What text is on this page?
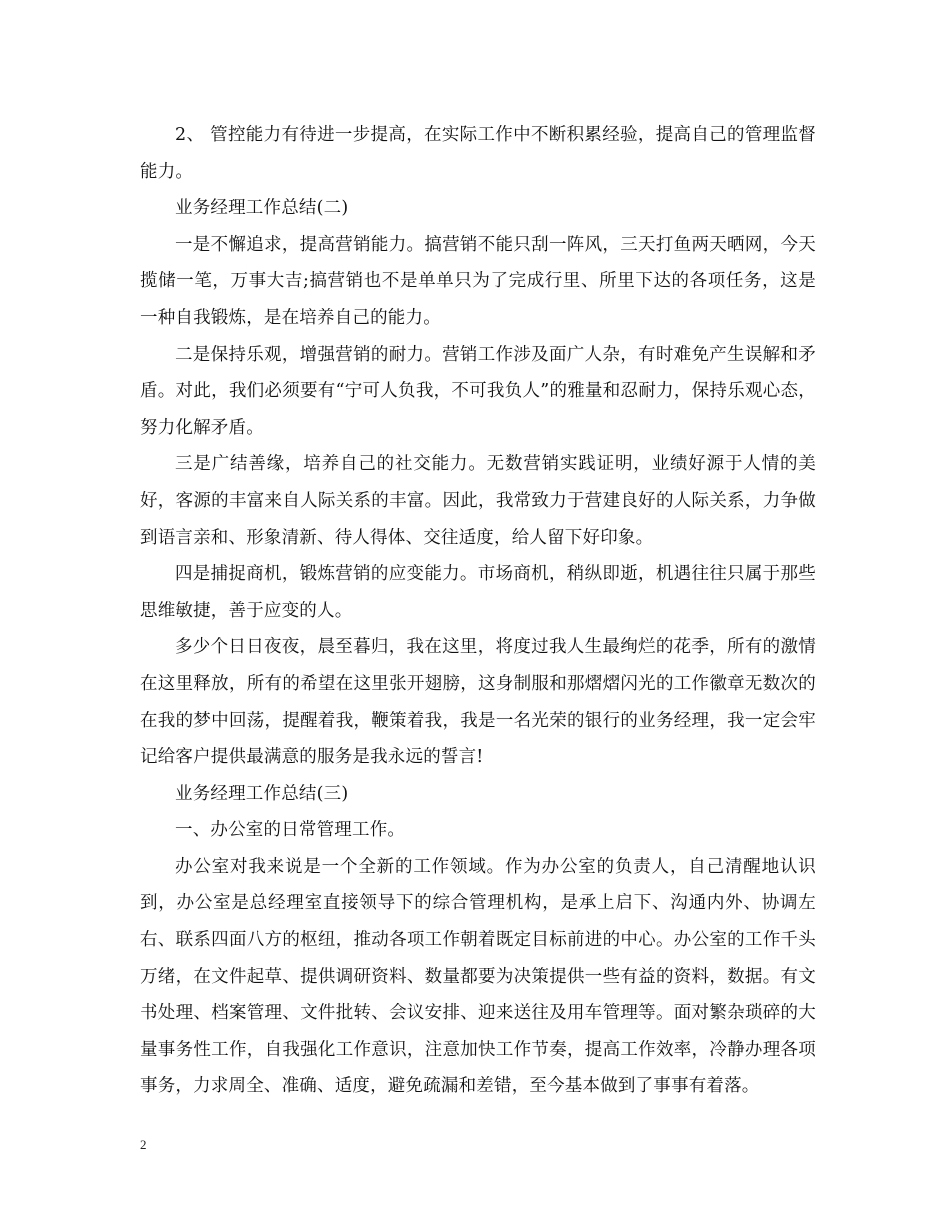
2、 管控能力有待进一步提高，在实际工作中不断积累经验，提高自己的管理监督能力。

业务经理工作总结(二)

一是不懈追求，提高营销能力。搞营销不能只刮一阵风，三天打鱼两天晒网，今天揽储一笔，万事大吉;搞营销也不是单单只为了完成行里、所里下达的各项任务，这是一种自我锻炼，是在培养自己的能力。

二是保持乐观，增强营销的耐力。营销工作涉及面广人杂，有时难免产生误解和矛盾。对此，我们必须要有“宁可人负我，不可我负人”的雅量和忍耐力，保持乐观心态，努力化解矛盾。

三是广结善缘，培养自己的社交能力。无数营销实践证明，业绩好源于人情的美好，客源的丰富来自人际关系的丰富。因此，我常致力于营建良好的人际关系，力争做到语言亲和、形象清新、待人得体、交往适度，给人留下好印象。

四是捕捉商机，锻炼营销的应变能力。市场商机，稍纵即逝，机遇往往只属于那些思维敏捷，善于应变的人。

多少个日日夜夜，晨至暮归，我在这里，将度过我人生最绚烂的花季，所有的激情在这里释放，所有的希望在这里张开翅膀，这身制服和那熠熠闪光的工作徽章无数次的在我的梦中回荡，提醒着我，鞭策着我，我是一名光荣的银行的业务经理，我一定会牢记给客户提供最满意的服务是我永远的誓言!

业务经理工作总结(三)

一、办公室的日常管理工作。

办公室对我来说是一个全新的工作领域。作为办公室的负责人，自己清醒地认识到，办公室是总经理室直接领导下的综合管理机构，是承上启下、沟通内外、协调左右、联系四面八方的枢纽，推动各项工作朝着既定目标前进的中心。办公室的工作千头万绪，在文件起草、提供调研资料、数量都要为决策提供一些有益的资料，数据。有文书处理、档案管理、文件批转、会议安排、迎来送往及用车管理等。面对繁杂琐碎的大量事务性工作，自我强化工作意识，注意加快工作节奏，提高工作效率，冷静办理各项事务，力求周全、准确、适度，避免疏漏和差错，至今基本做到了事事有着落。

2
